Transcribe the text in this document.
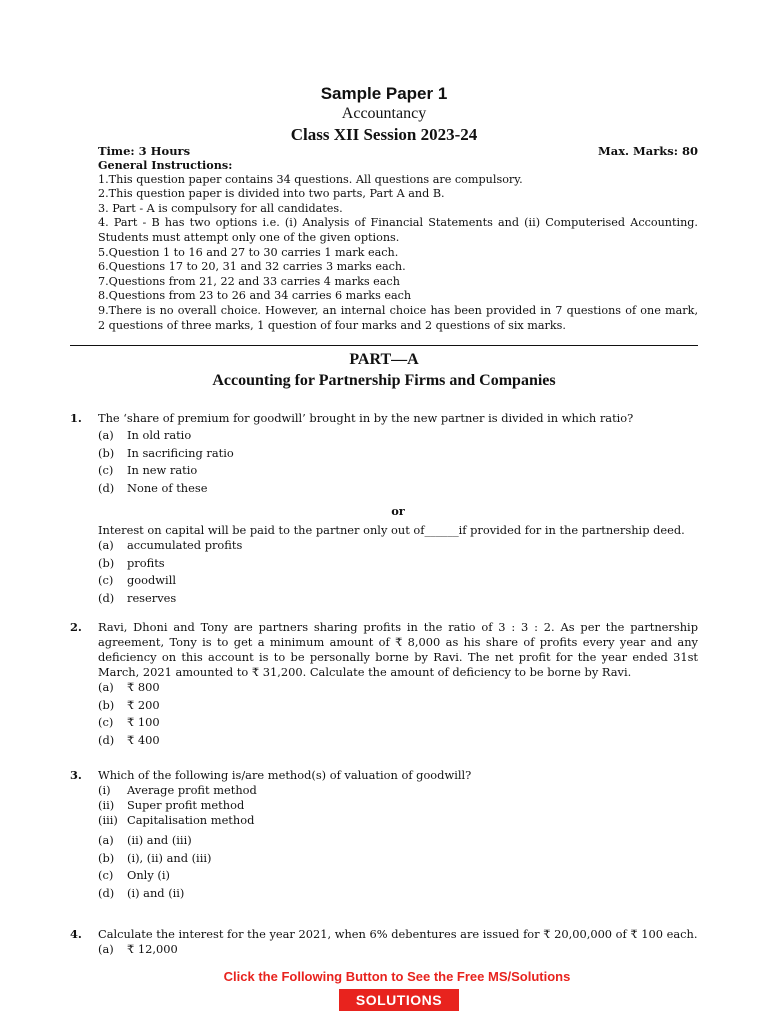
Sample Paper 1
Accountancy
Class XII Session 2023-24
Time: 3 Hours	Max. Marks: 80

General Instructions:

1.This question paper contains 34 questions. All questions are compulsory.

2.This question paper is divided into two parts, Part A and B.

3. Part - A is compulsory for all candidates.

4. Part - B has two options i.e. (i) Analysis of Financial Statements and (ii) Computerised Accounting. Students must attempt only one of the given options.

5.Question 1 to 16 and 27 to 30 carries 1 mark each.

6.Questions 17 to 20, 31 and 32 carries 3 marks each.

7.Questions from 21, 22 and 33 carries 4 marks each

8.Questions from 23 to 26 and 34 carries 6 marks each

9.There is no overall choice. However, an internal choice has been provided in 7 questions of one mark, 2 questions of three marks, 1 question of four marks and 2 questions of six marks.

PART—A
Accounting for Partnership Firms and Companies
1. The ‘share of premium for goodwill’ brought in by the new partner is divided in which ratio?
(a) In old ratio
(b) In sacrificing ratio
(c) In new ratio
(d) None of these
or
Interest on capital will be paid to the partner only out of______if provided for in the partnership deed.
(a) accumulated profits
(b) profits
(c) goodwill
(d) reserves
2. Ravi, Dhoni and Tony are partners sharing profits in the ratio of 3 : 3 : 2. As per the partnership agreement, Tony is to get a minimum amount of ₹ 8,000 as his share of profits every year and any deficiency on this account is to be personally borne by Ravi. The net profit for the year ended 31st March, 2021 amounted to ₹ 31,200. Calculate the amount of deficiency to be borne by Ravi.
(a) ₹ 800
(b) ₹ 200
(c) ₹ 100
(d) ₹ 400
3. Which of the following is/are method(s) of valuation of goodwill?
(i) Average profit method
(ii) Super profit method
(iii) Capitalisation method
(a) (ii) and (iii)
(b) (i), (ii) and (iii)
(c) Only (i)
(d) (i) and (ii)
4. Calculate the interest for the year 2021, when 6% debentures are issued for ₹ 20,00,000 of ₹ 100 each.
(a) ₹ 12,000
Click the Following Button to See the Free MS/Solutions
SOLUTIONS
